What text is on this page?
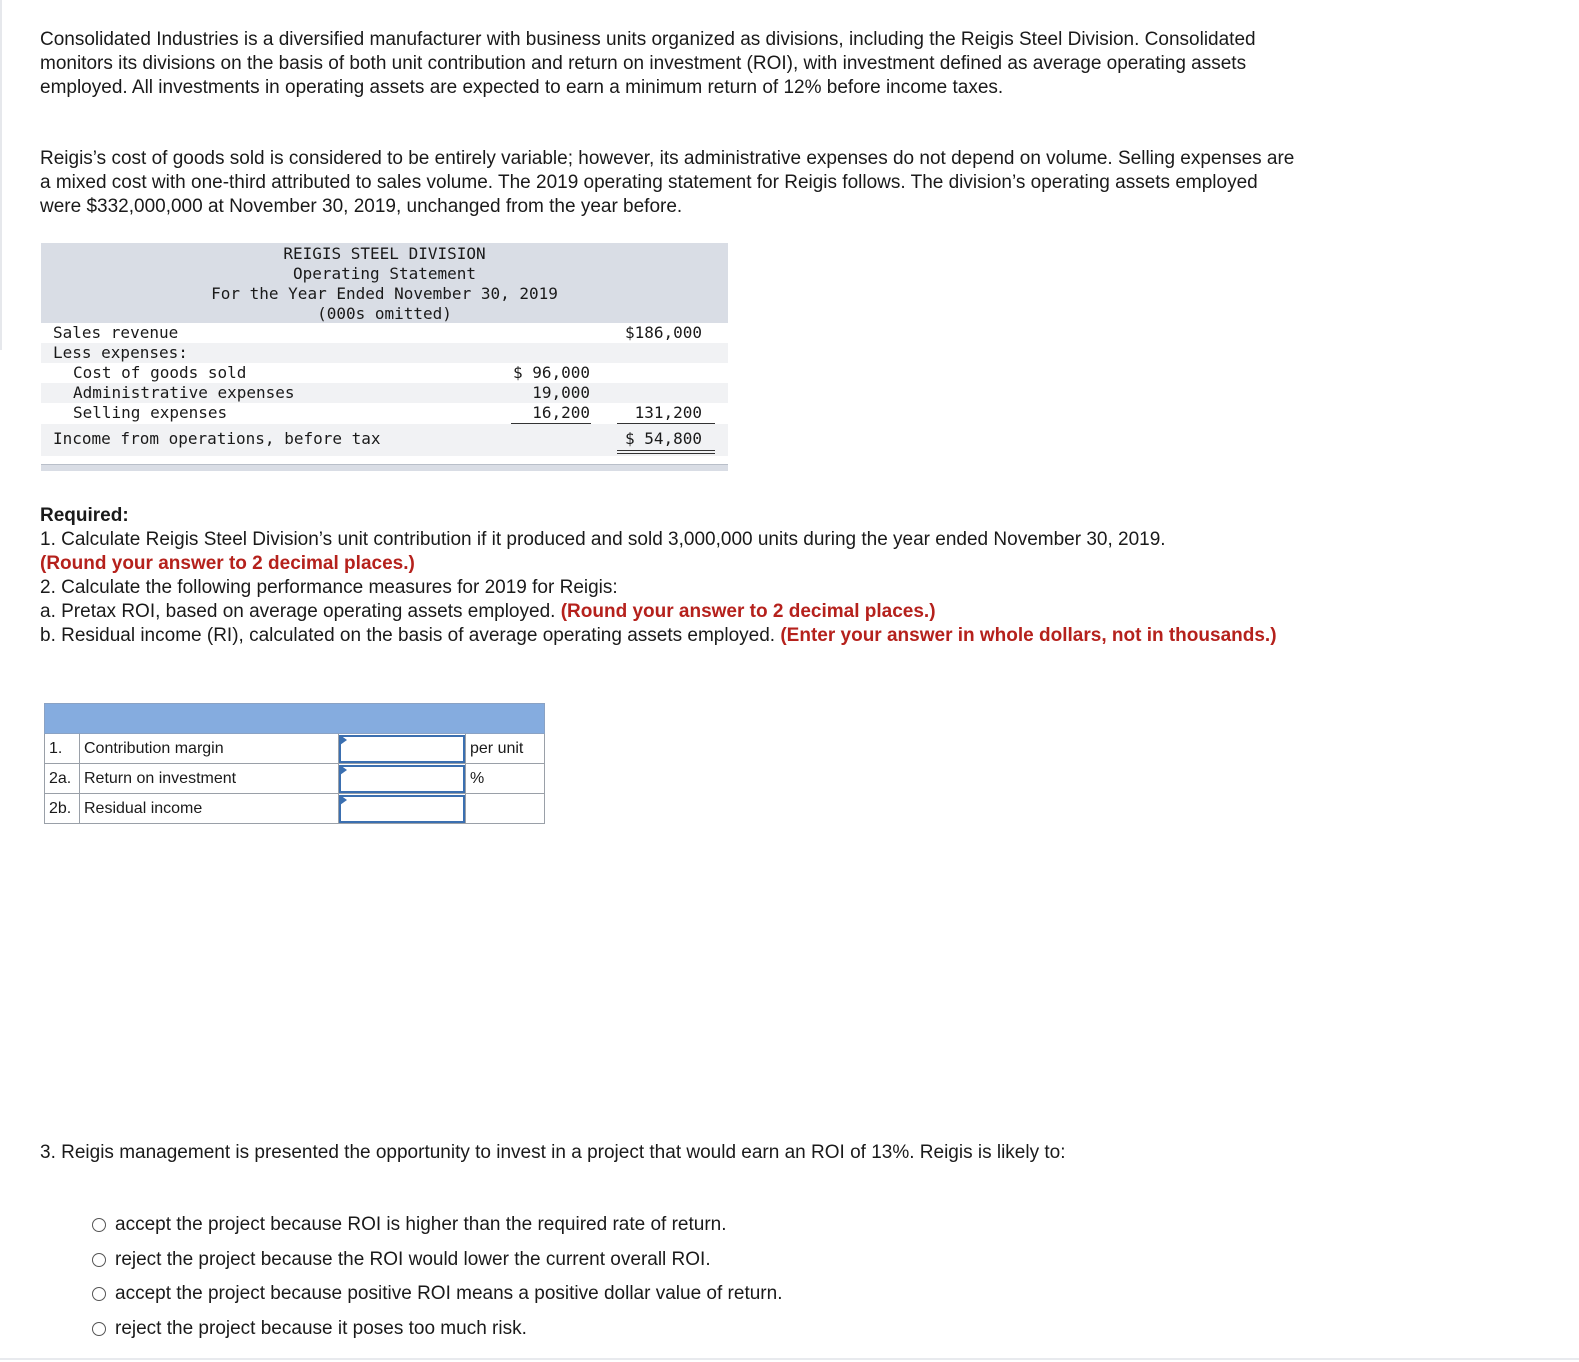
Consolidated Industries is a diversified manufacturer with business units organized as divisions, including the Reigis Steel Division. Consolidated monitors its divisions on the basis of both unit contribution and return on investment (ROI), with investment defined as average operating assets employed. All investments in operating assets are expected to earn a minimum return of 12% before income taxes.

Reigis’s cost of goods sold is considered to be entirely variable; however, its administrative expenses do not depend on volume. Selling expenses are a mixed cost with one-third attributed to sales volume. The 2019 operating statement for Reigis follows. The division’s operating assets employed were $332,000,000 at November 30, 2019, unchanged from the year before.

REIGIS STEEL DIVISION
Operating Statement
For the Year Ended November 30, 2019
(000s omitted)
Sales revenue	$186,000
Less expenses:
Cost of goods sold	$ 96,000
Administrative expenses	19,000
Selling expenses	16,200	131,200
Income from operations, before tax	$ 54,800
Required:
1. Calculate Reigis Steel Division’s unit contribution if it produced and sold 3,000,000 units during the year ended November 30, 2019.
(Round your answer to 2 decimal places.)
2. Calculate the following performance measures for 2019 for Reigis:
a. Pretax ROI, based on average operating assets employed. (Round your answer to 2 decimal places.)
b. Residual income (RI), calculated on the basis of average operating assets employed. (Enter your answer in whole dollars, not in thousands.)

1.	Contribution margin		per unit
2a.	Return on investment		%
2b.	Residual income	

3. Reigis management is presented the opportunity to invest in a project that would earn an ROI of 13%. Reigis is likely to:

accept the project because ROI is higher than the required rate of return.
reject the project because the ROI would lower the current overall ROI.
accept the project because positive ROI means a positive dollar value of return.
reject the project because it poses too much risk.
